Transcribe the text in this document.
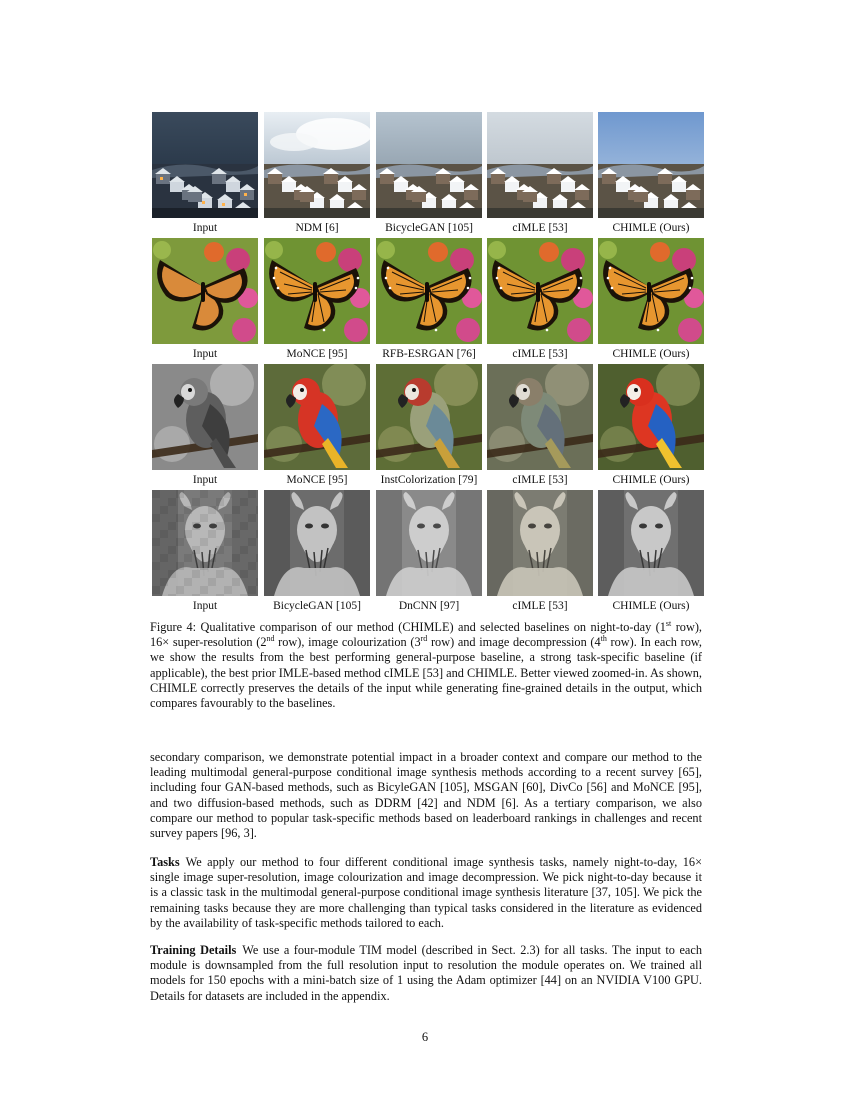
Input	NDM [6]	BicycleGAN [105]	cIMLE [53]	CHIMLE (Ours)
Input	MoNCE [95]	RFB-ESRGAN [76]	cIMLE [53]	CHIMLE (Ours)
Input	MoNCE [95]	InstColorization [79]	cIMLE [53]	CHIMLE (Ours)
Input	BicycleGAN [105]	DnCNN [97]	cIMLE [53]	CHIMLE (Ours)
Figure 4: Qualitative comparison of our method (CHIMLE) and selected baselines on night-to-day (1st row), 16× super-resolution (2nd row), image colourization (3rd row) and image decompression (4th row). In each row, we show the results from the best performing general-purpose baseline, a strong task-specific baseline (if applicable), the best prior IMLE-based method cIMLE [53] and CHIMLE. Better viewed zoomed-in. As shown, CHIMLE correctly preserves the details of the input while generating fine-grained details in the output, which compares favourably to the baselines.
secondary comparison, we demonstrate potential impact in a broader context and compare our method to the leading multimodal general-purpose conditional image synthesis methods according to a recent survey [65], including four GAN-based methods, such as BicyleGAN [105], MSGAN [60], DivCo [56] and MoNCE [95], and two diffusion-based methods, such as DDRM [42] and NDM [6]. As a tertiary comparison, we also compare our method to popular task-specific methods based on leaderboard rankings in challenges and recent survey papers [96, 3].
Tasks We apply our method to four different conditional image synthesis tasks, namely night-to-day, 16× single image super-resolution, image colourization and image decompression. We pick night-to-day because it is a classic task in the multimodal general-purpose conditional image synthesis literature [37, 105]. We pick the remaining tasks because they are more challenging than typical tasks considered in the literature as evidenced by the availability of task-specific methods tailored to each.
Training Details We use a four-module TIM model (described in Sect. 2.3) for all tasks. The input to each module is downsampled from the full resolution input to resolution the module operates on. We trained all models for 150 epochs with a mini-batch size of 1 using the Adam optimizer [44] on an NVIDIA V100 GPU. Details for datasets are included in the appendix.
6
